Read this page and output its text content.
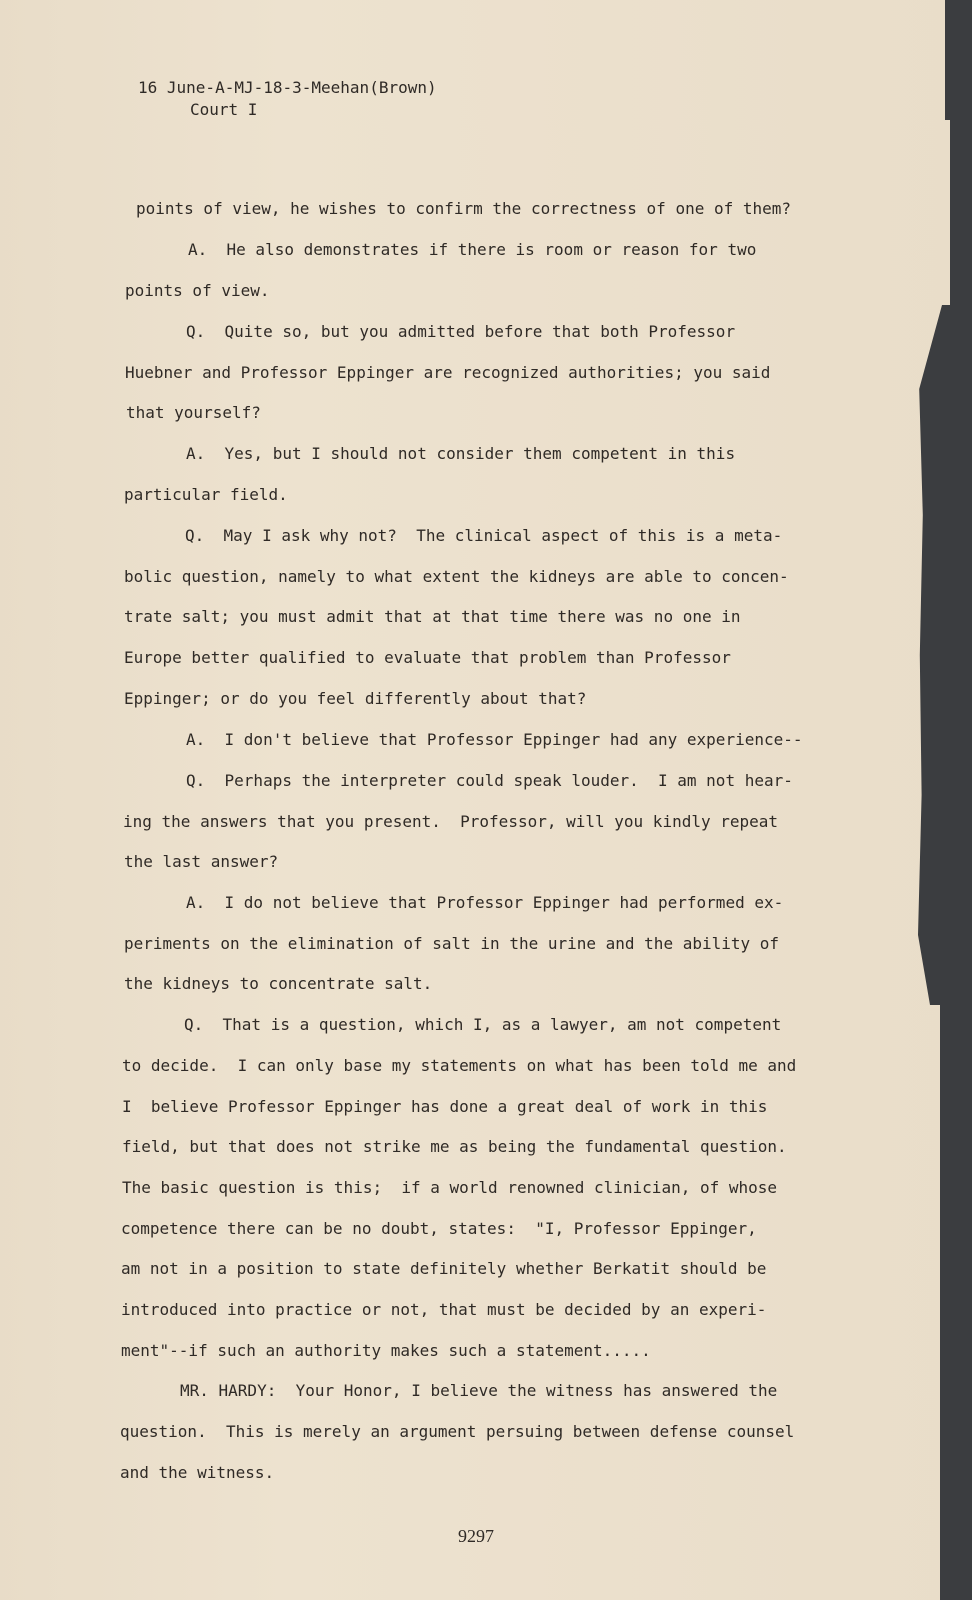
16 June-A-MJ-18-3-Meehan(Brown)
Court I
points of view, he wishes to confirm the correctness of one of them?
A.  He also demonstrates if there is room or reason for two
points of view.
Q.  Quite so, but you admitted before that both Professor
Huebner and Professor Eppinger are recognized authorities; you said
that yourself?
A.  Yes, but I should not consider them competent in this
particular field.
Q.  May I ask why not?  The clinical aspect of this is a meta-
bolic question, namely to what extent the kidneys are able to concen-
trate salt; you must admit that at that time there was no one in
Europe better qualified to evaluate that problem than Professor
Eppinger; or do you feel differently about that?
A.  I don't believe that Professor Eppinger had any experience--
Q.  Perhaps the interpreter could speak louder.  I am not hear-
ing the answers that you present.  Professor, will you kindly repeat
the last answer?
A.  I do not believe that Professor Eppinger had performed ex-
periments on the elimination of salt in the urine and the ability of
the kidneys to concentrate salt.
Q.  That is a question, which I, as a lawyer, am not competent
to decide.  I can only base my statements on what has been told me and
I  believe Professor Eppinger has done a great deal of work in this
field, but that does not strike me as being the fundamental question.
The basic question is this;  if a world renowned clinician, of whose
competence there can be no doubt, states:  "I, Professor Eppinger,
am not in a position to state definitely whether Berkatit should be
introduced into practice or not, that must be decided by an experi-
ment"--if such an authority makes such a statement.....
MR. HARDY:  Your Honor, I believe the witness has answered the
question.  This is merely an argument persuing between defense counsel
and the witness.
9297
